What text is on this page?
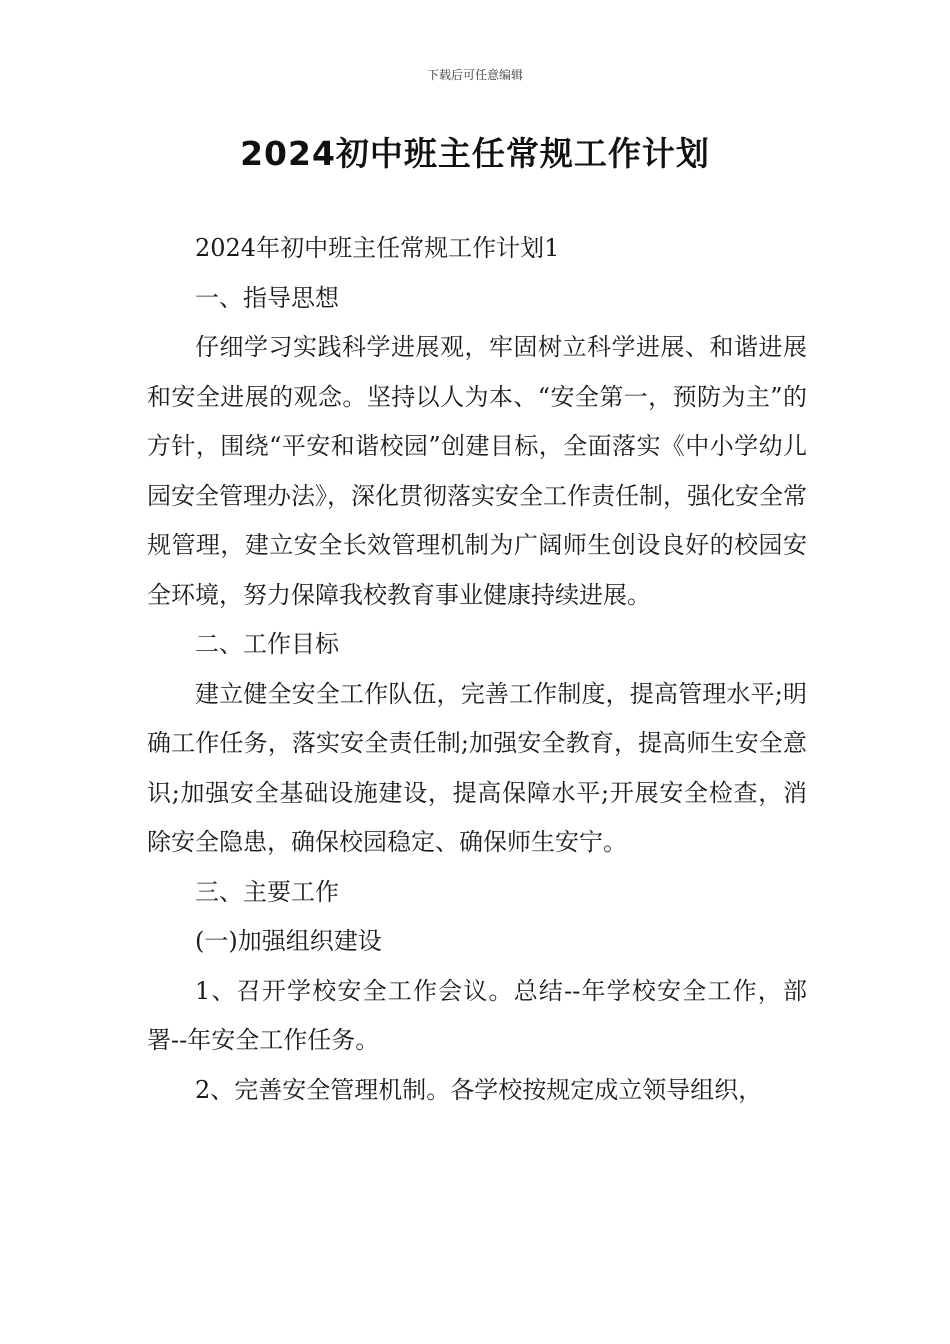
下载后可任意编辑
2024初中班主任常规工作计划

2024年初中班主任常规工作计划1

一、指导思想

仔细学习实践科学进展观，牢固树立科学进展、和谐进展和安全进展的观念。坚持以人为本、“安全第一，预防为主”的方针，围绕“平安和谐校园”创建目标，全面落实《中小学幼儿园安全管理办法》，深化贯彻落实安全工作责任制，强化安全常规管理，建立安全长效管理机制为广阔师生创设良好的校园安全环境，努力保障我校教育事业健康持续进展。

二、工作目标

建立健全安全工作队伍，完善工作制度，提高管理水平;明确工作任务，落实安全责任制;加强安全教育，提高师生安全意识;加强安全基础设施建设，提高保障水平;开展安全检查，消除安全隐患，确保校园稳定、确保师生安宁。

三、主要工作

(一)加强组织建设

1、召开学校安全工作会议。总结--年学校安全工作，部署--年安全工作任务。

2、完善安全管理机制。各学校按规定成立领导组织，
